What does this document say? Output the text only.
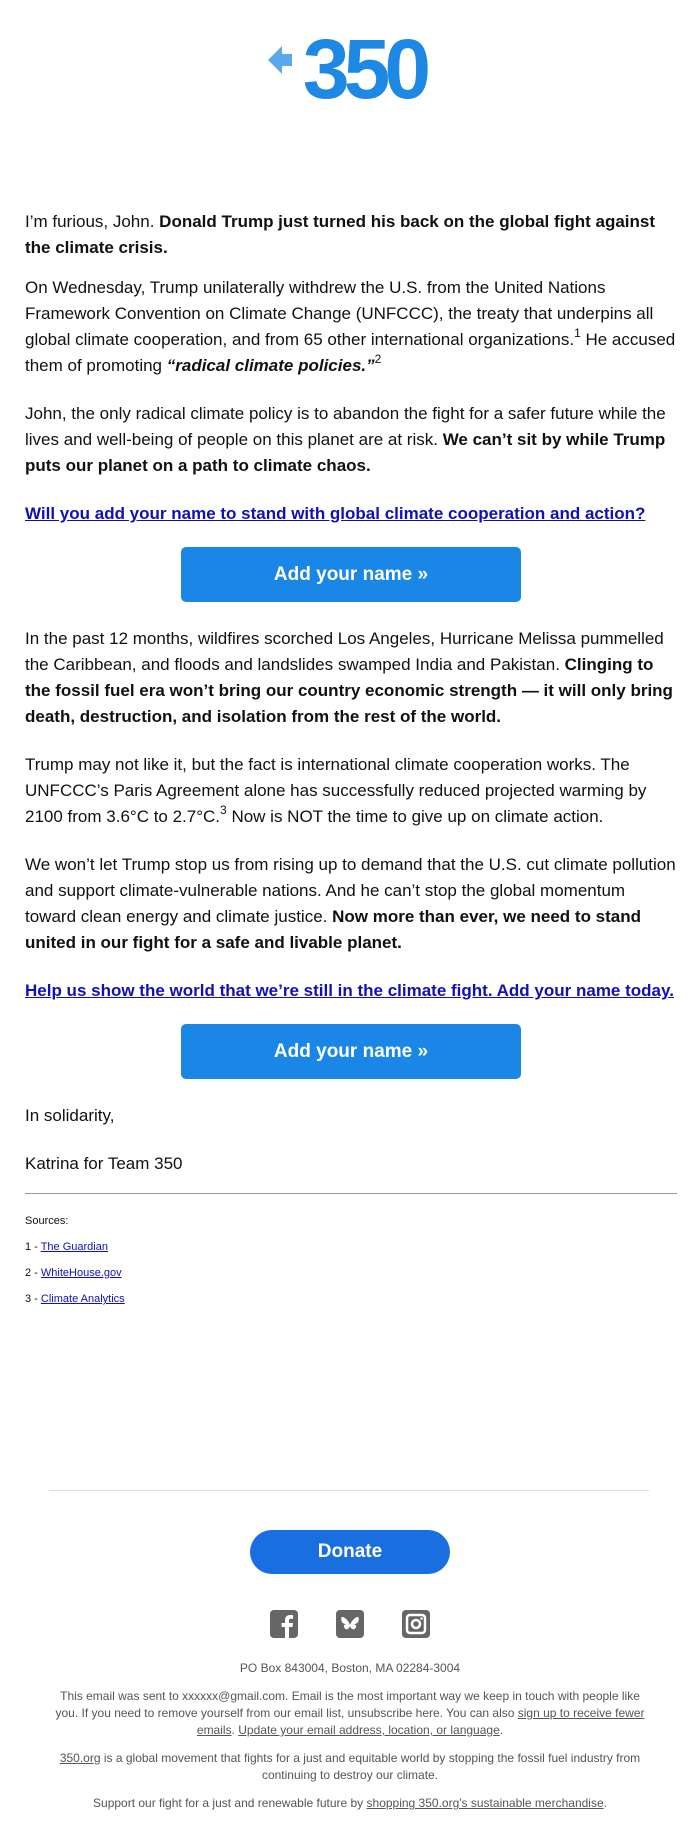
350

I’m furious, John. Donald Trump just turned his back on the global fight against the climate crisis.

On Wednesday, Trump unilaterally withdrew the U.S. from the United Nations Framework Convention on Climate Change (UNFCCC), the treaty that underpins all global climate cooperation, and from 65 other international organizations.$^1$ He accused them of promoting “radical climate policies.”$^2$

John, the only radical climate policy is to abandon the fight for a safer future while the lives and well-being of people on this planet are at risk. We can’t sit by while Trump puts our planet on a path to climate chaos.

Will you add your name to stand with global climate cooperation and action?

Add your name »

In the past 12 months, wildfires scorched Los Angeles, Hurricane Melissa pummelled the Caribbean, and floods and landslides swamped India and Pakistan. Clinging to the fossil fuel era won’t bring our country economic strength — it will only bring death, destruction, and isolation from the rest of the world.

Trump may not like it, but the fact is international climate cooperation works. The UNFCCC’s Paris Agreement alone has successfully reduced projected warming by 2100 from 3.6°C to 2.7°C.$^3$ Now is NOT the time to give up on climate action.

We won’t let Trump stop us from rising up to demand that the U.S. cut climate pollution and support climate-vulnerable nations. And he can’t stop the global momentum toward clean energy and climate justice. Now more than ever, we need to stand united in our fight for a safe and livable planet.

Help us show the world that we’re still in the climate fight. Add your name today.

Add your name »

In solidarity,

Katrina for Team 350

Sources:
1 - The Guardian
2 - WhiteHouse.gov
3 - Climate Analytics
Donate

PO Box 843004, Boston, MA 02284-3004

This email was sent to xxxxxx@gmail.com. Email is the most important way we keep in touch with people like you. If you need to remove yourself from our email list, unsubscribe here. You can also sign up to receive fewer emails. Update your email address, location, or language.

350.org is a global movement that fights for a just and equitable world by stopping the fossil fuel industry from continuing to destroy our climate.

Support our fight for a just and renewable future by shopping 350.org's sustainable merchandise.
